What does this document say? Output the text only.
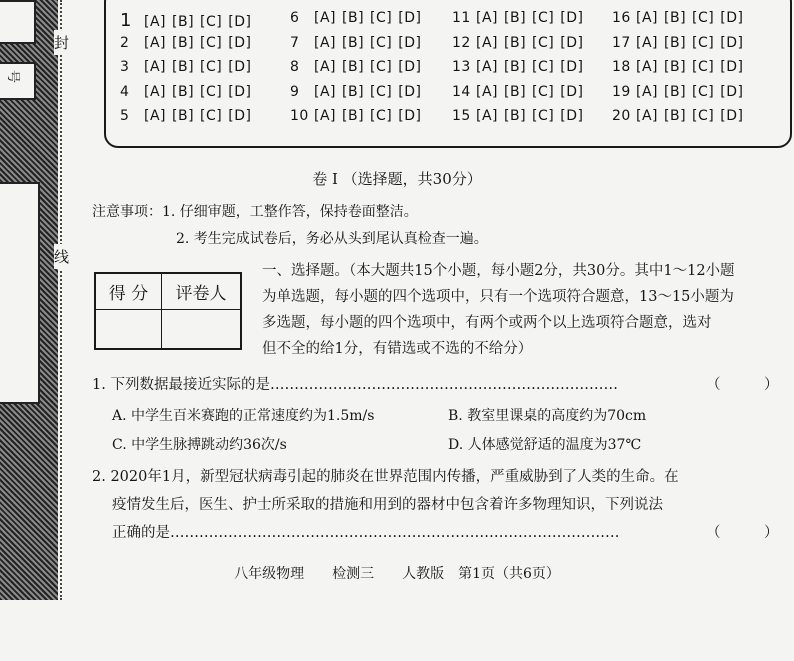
号
封
线
1 [A] [B] [C] [D]
2 [A] [B] [C] [D]
3 [A] [B] [C] [D]
4 [A] [B] [C] [D]
5 [A] [B] [C] [D]
6 [A] [B] [C] [D]
7 [A] [B] [C] [D]
8 [A] [B] [C] [D]
9 [A] [B] [C] [D]
10 [A] [B] [C] [D]
11 [A] [B] [C] [D]
12 [A] [B] [C] [D]
13 [A] [B] [C] [D]
14 [A] [B] [C] [D]
15 [A] [B] [C] [D]
16 [A] [B] [C] [D]
17 [A] [B] [C] [D]
18 [A] [B] [C] [D]
19 [A] [B] [C] [D]
20 [A] [B] [C] [D]
卷 I （选择题，共30分）
注意事项：1. 仔细审题，工整作答，保持卷面整洁。
2. 考生完成试卷后，务必从头到尾认真检查一遍。
得 分	评卷人
一、选择题。（本大题共15个小题，每小题2分，共30分。其中1～12小题
为单选题，每小题的四个选项中，只有一个选项符合题意，13～15小题为
多选题，每小题的四个选项中，有两个或两个以上选项符合题意，选对
但不全的给1分，有错选或不选的不给分）
1. 下列数据最接近实际的是………………………………………………………………	（　　　）
A. 中学生百米赛跑的正常速度约为1.5m/s	B. 教室里课桌的高度约为70cm
C. 中学生脉搏跳动约36次/s	D. 人体感觉舒适的温度为37℃
2. 2020年1月，新型冠状病毒引起的肺炎在世界范围内传播，严重威胁到了人类的生命。在
疫情发生后，医生、护士所采取的措施和用到的器材中包含着许多物理知识，下列说法
正确的是…………………………………………………………………………………	（　　　）
八年级物理　　检测三　　人教版　第1页（共6页）
